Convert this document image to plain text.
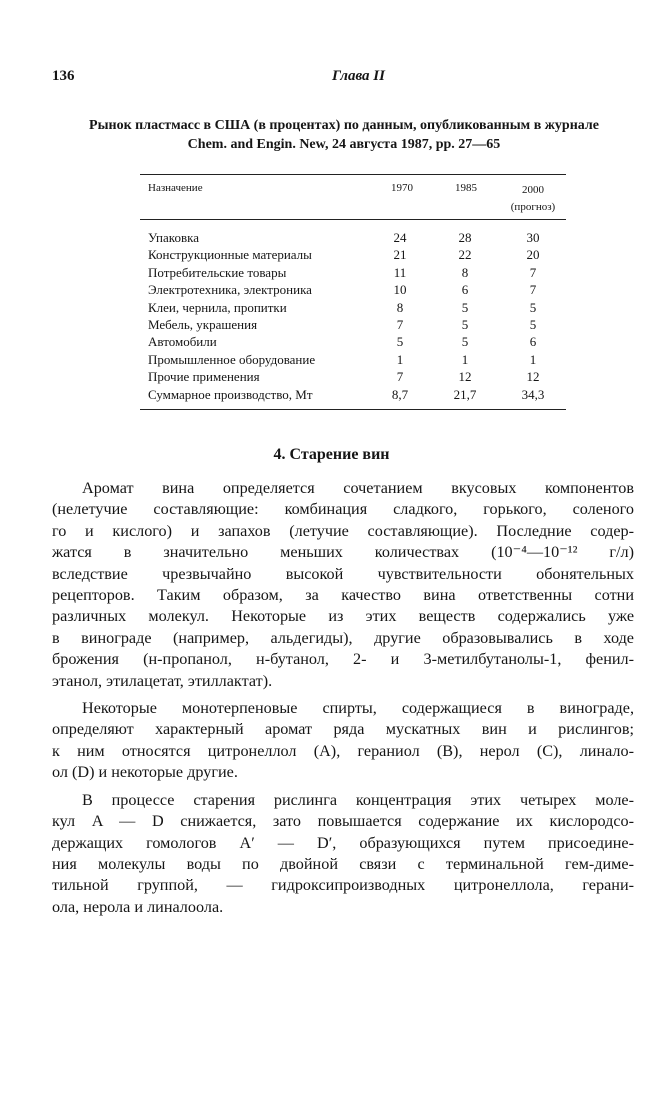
136	Глава II
Рынок пластмасс в США (в процентах) по данным, опубликованным в журнале
Chem. and Engin. New, 24 августа 1987, pp. 27—65
Назначение	1970	1985	2000
(прогноз)
Упаковка	24	28	30
Конструкционные материалы	21	22	20
Потребительские товары	11	8	7
Электротехника, электроника	10	6	7
Клеи, чернила, пропитки	8	5	5
Мебель, украшения	7	5	5
Автомобили	5	5	6
Промышленное оборудование	1	1	1
Прочие применения	7	12	12
Суммарное производство, Мт	8,7	21,7	34,3
4. Старение вин
Аромат вина определяется сочетанием вкусовых компонентов
(нелетучие составляющие: комбинация сладкого, горького, соленого
го и кислого) и запахов (летучие составляющие). Последние содер-
жатся в значительно меньших количествах (10⁻⁴—10⁻¹² г/л)
вследствие чрезвычайно высокой чувствительности обонятельных
рецепторов. Таким образом, за качество вина ответственны сотни
различных молекул. Некоторые из этих веществ содержались уже
в винограде (например, альдегиды), другие образовывались в ходе
брожения (н-пропанол, н-бутанол, 2- и 3-метилбутанолы-1, фенил-
этанол, этилацетат, этиллактат).
Некоторые монотерпеновые спирты, содержащиеся в винограде,
определяют характерный аромат ряда мускатных вин и рислингов;
к ним относятся цитронеллол (A), гераниол (B), нерол (C), линало-
ол (D) и некоторые другие.
В процессе старения рислинга концентрация этих четырех моле-
кул A — D снижается, зато повышается содержание их кислородсо-
держащих гомологов A′ — D′, образующихся путем присоедине-
ния молекулы воды по двойной связи с терминальной гем-диме-
тильной группой, — гидроксипроизводных цитронеллола, герани-
ола, нерола и линалоола.
